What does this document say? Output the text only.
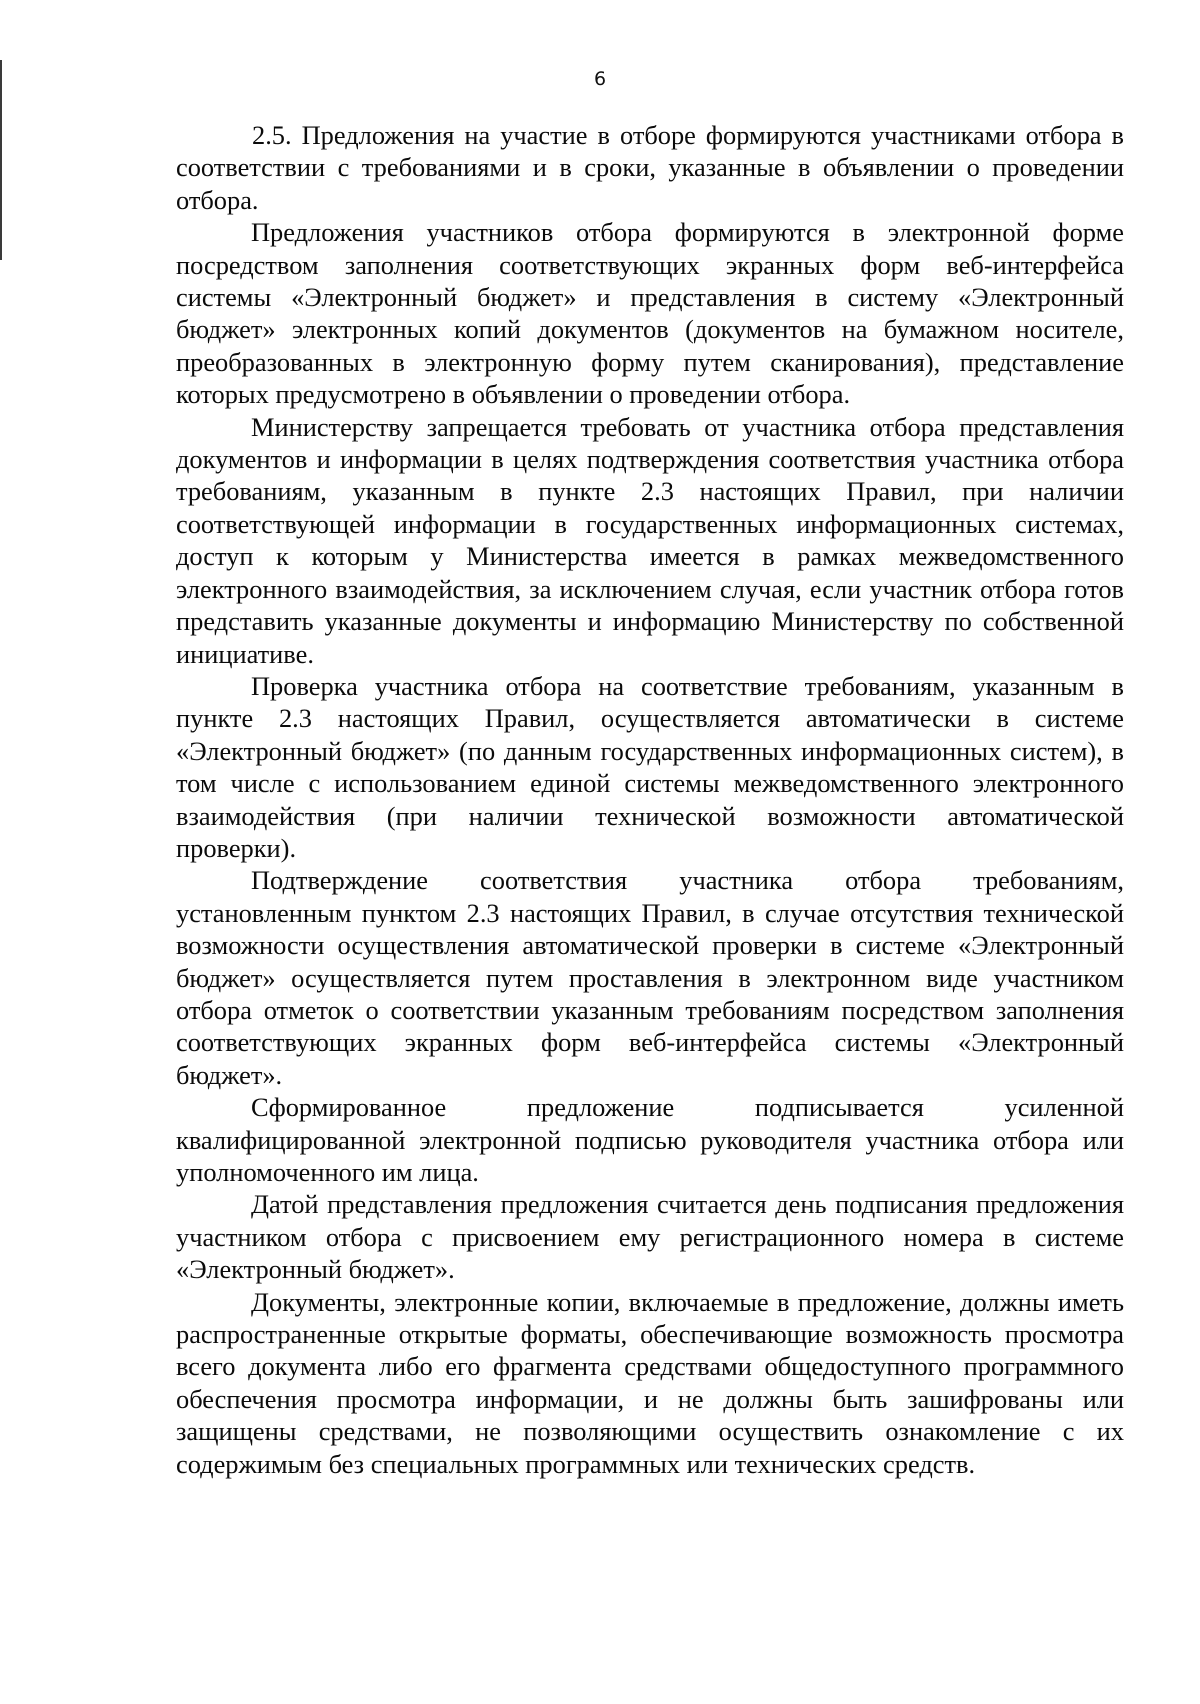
6

2.5. Предложения на участие в отборе формируются участниками отбора в соответствии с требованиями и в сроки, указанные в объявлении о проведении отбора.

Предложения участников отбора формируются в электронной форме посредством заполнения соответствующих экранных форм веб-интерфейса системы «Электронный бюджет» и представления в систему «Электронный бюджет» электронных копий документов (документов на бумажном носителе, преобразованных в электронную форму путем сканирования), представление которых предусмотрено в объявлении о проведении отбора.

Министерству запрещается требовать от участника отбора представления документов и информации в целях подтверждения соответствия участника отбора требованиям, указанным в пункте 2.3 настоящих Правил, при наличии соответствующей информации в государственных информационных системах, доступ к которым у Министерства имеется в рамках межведомственного электронного взаимодействия, за исключением случая, если участник отбора готов представить указанные документы и информацию Министерству по собственной инициативе.

Проверка участника отбора на соответствие требованиям, указанным в пункте 2.3 настоящих Правил, осуществляется автоматически в системе «Электронный бюджет» (по данным государственных информационных систем), в том числе с использованием единой системы межведомственного электронного взаимодействия (при наличии технической возможности автоматической проверки).

Подтверждение соответствия участника отбора требованиям, установленным пунктом 2.3 настоящих Правил, в случае отсутствия технической возможности осуществления автоматической проверки в системе «Электронный бюджет» осуществляется путем проставления в электронном виде участником отбора отметок о соответствии указанным требованиям посредством заполнения соответствующих экранных форм веб-интерфейса системы «Электронный бюджет».

Сформированное предложение подписывается усиленной квалифицированной электронной подписью руководителя участника отбора или уполномоченного им лица.

Датой представления предложения считается день подписания предложения участником отбора с присвоением ему регистрационного номера в системе «Электронный бюджет».

Документы, электронные копии, включаемые в предложение, должны иметь распространенные открытые форматы, обеспечивающие возможность просмотра всего документа либо его фрагмента средствами общедоступного программного обеспечения просмотра информации, и не должны быть зашифрованы или защищены средствами, не позволяющими осуществить ознакомление с их содержимым без специальных программных или технических средств.
